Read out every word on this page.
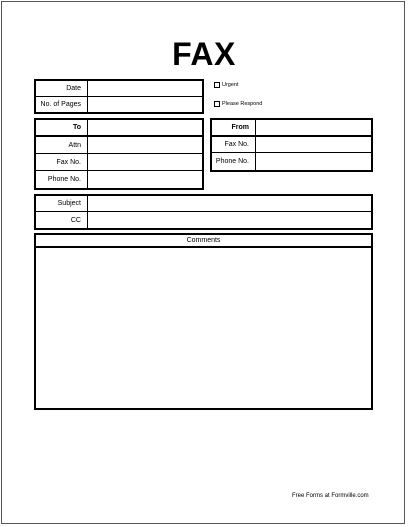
FAX
Date
No. of Pages
Urgent
Please Respond
To
Attn
Fax No.
Phone No.
From
Fax No.
Phone No.
Subject
CC
Comments
Free Forms at Formville.com
